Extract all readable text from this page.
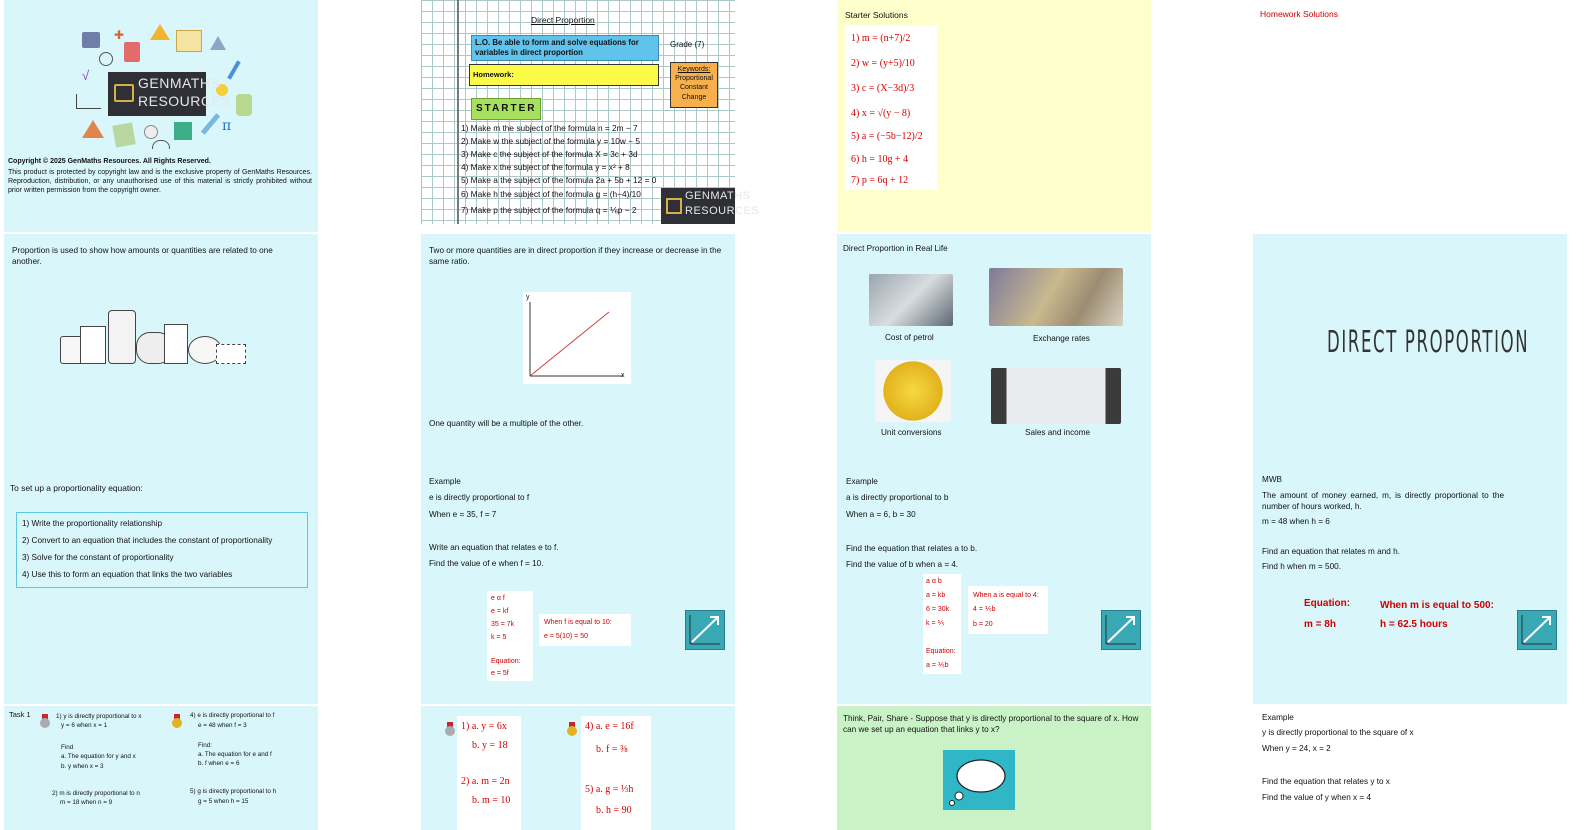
✚
√
π
GENMATHS
RESOURCES
Copyright © 2025 GenMaths Resources. All Rights Reserved.
This product is protected by copyright law and is the exclusive property of GenMaths Resources. Reproduction, distribution, or any unauthorised use of this material is strictly prohibited without prior written permission from the copyright owner.
Direct Proportion
L.O. Be able to form and solve equations for variables in direct proportion
Grade (7)
Homework:
Keywords:
Proportional
Constant
Change
STARTER
1) Make m the subject of the formula n = 2m − 7
2) Make w the subject of the formula y = 10w − 5
3) Make c the subject of the formula X = 3c + 3d
4) Make x the subject of the formula y = x² + 8
5) Make a the subject of the formula 2a + 5b + 12 = 0
6) Make h the subject of the formula g = (h−4)/10
7) Make p the subject of the formula q = ⅙p − 2
GENMATHS
RESOURCES
Starter Solutions
1) m = (n+7)/2
2) w = (y+5)/10
3) c = (X−3d)/3
4) x = √(y − 8)
5) a = (−5b−12)/2
6) h = 10g + 4
7) p = 6q + 12
Homework Solutions
Proportion is used to show how amounts or quantities are related to one another.
To set up a proportionality equation:
1) Write the proportionality relationship
2) Convert to an equation that includes the constant of proportionality
3) Solve for the constant of proportionality
4) Use this to form an equation that links the two variables
Two or more quantities are in direct proportion if they increase or decrease in the same ratio.
y
x
One quantity will be a multiple of the other.
Example
e is directly proportional to f
When e = 35, f = 7
Write an equation that relates e to f.
Find the value of e when f = 10.
e α f
e = kf
35 = 7k
k = 5
Equation:
e = 5f
When f is equal to 10:
e = 5(10) = 50
Direct Proportion in Real Life
Cost of petrol	Exchange rates
Unit conversions	Sales and income
Example
a is directly proportional to b
When a = 6, b = 30
Find the equation that relates a to b.
Find the value of b when a = 4.
a α b
a = kb
6 = 30k
k = ⅕
Equation:
a = ⅕b
When a is equal to 4:
4 = ⅕b
b = 20
DIRECT PROPORTION
MWB
The amount of money earned, m, is directly proportional to the number of hours worked, h.
m = 48 when h = 6
Find an equation that relates m and h.
Find h when m = 500.
Equation:
m = 8h
When m is equal to 500:
h = 62.5 hours
Task 1	1) y is directly proportional to x
y = 6 when x = 1
Find
a. The equation for y and x
b. y when x = 3
2) m is directly proportional to n
m = 18 when n = 9
4) e is directly proportional to f
e = 48 when f = 3
Find:
a. The equation for e and f
b. f when e = 6
5) g is directly proportional to h
g = 5 when h = 15
1) a. y = 6x
b. y = 18
2) a. m = 2n
b. m = 10
4) a. e = 16f
b. f = ⅜
5) a. g = ⅓h
b. h = 90
Think, Pair, Share - Suppose that y is directly proportional to the square of x. How can we set up an equation that links y to x?
Example
y is directly proportional to the square of x
When y = 24, x = 2
Find the equation that relates y to x
Find the value of y when x = 4
